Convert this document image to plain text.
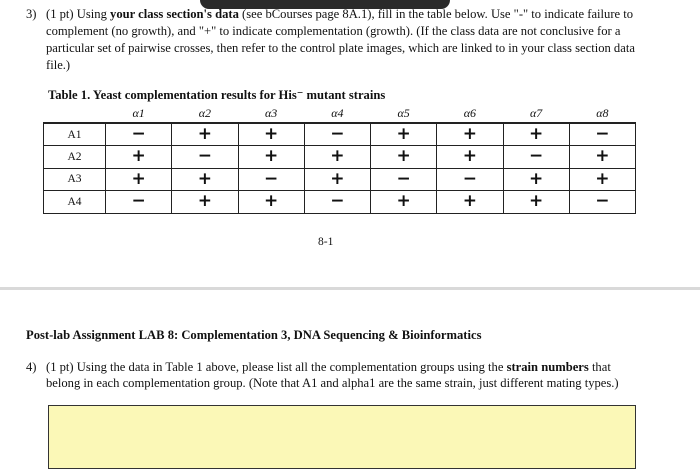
3) (1 pt) Using your class section's data (see bCourses page 8A.1), fill in the table below. Use "-" to indicate failure to complement (no growth), and "+" to indicate complementation (growth). (If the class data are not conclusive for a particular set of pairwise crosses, then refer to the control plate images, which are linked to in your class section data file.)
Table 1. Yeast complementation results for His⁻ mutant strains
	α1	α2	α3	α4	α5	α6	α7	α8
A1	−	+	+	−	+	+	+	−
A2	+	−	+	+	+	+	−	+
A3	+	+	−	+	−	−	+	+
A4	−	+	+	−	+	+	+	−
8-1
Post-lab Assignment LAB 8: Complementation 3, DNA Sequencing & Bioinformatics
4) (1 pt) Using the data in Table 1 above, please list all the complementation groups using the strain numbers that belong in each complementation group. (Note that A1 and alpha1 are the same strain, just different mating types.)
